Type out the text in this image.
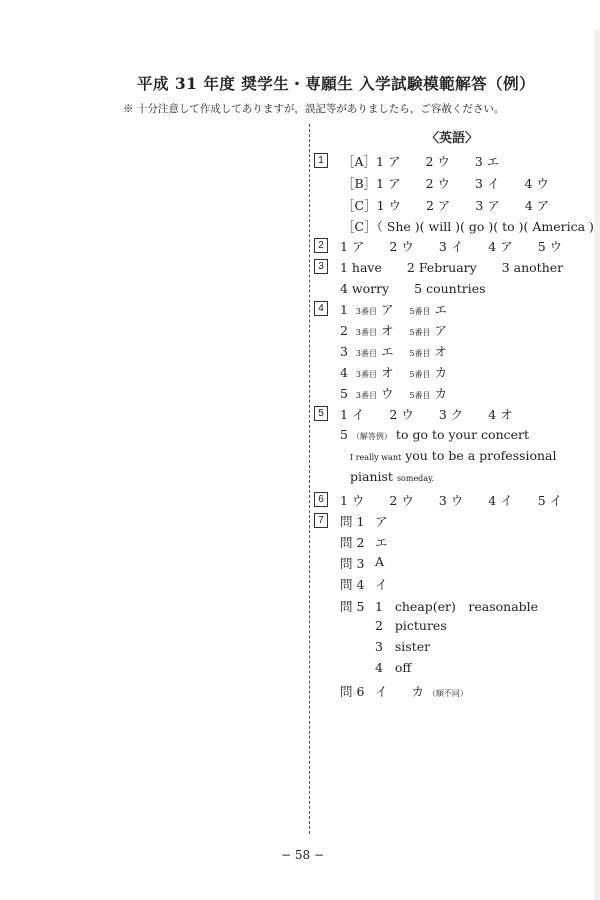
平成 31 年度 奨学生・専願生 入学試験模範解答（例）
※ 十分注意して作成してありますが，誤記等がありましたら，ご容赦ください。
〈英語〉
1	［A］1 ア　　2 ウ　　3 エ
［B］1 ア　　2 ウ　　3 イ　　4 ウ
［C］1 ウ　　2 ア　　3 ア　　4 ア
［C］（ She )( will )( go )( to )( America )
2	1 ア　　2 ウ　　3 イ　　4 ア　　5 ウ
3	1 have　　2 February　　3 another
4 worry　　5 countries
4	1 3番目 ア 5番目 エ
2 3番目 オ 5番目 ア
3 3番目 エ 5番目 オ
4 3番目 オ 5番目 カ
5 3番目 ウ 5番目 カ
5	1 イ　　2 ウ　　3 ク　　4 オ
5 （解答例） to go to your concert
I really want you to be a professional
pianist someday.
6	1 ウ　　2 ウ　　3 ウ　　4 イ　　5 イ
7	問 1 ア
問 2 エ
問 3 A
問 4 イ
問 5 1 cheap(er)　reasonable
2 pictures
3 sister
4 off
問 6 イ カ （順不同）
− 58 −
